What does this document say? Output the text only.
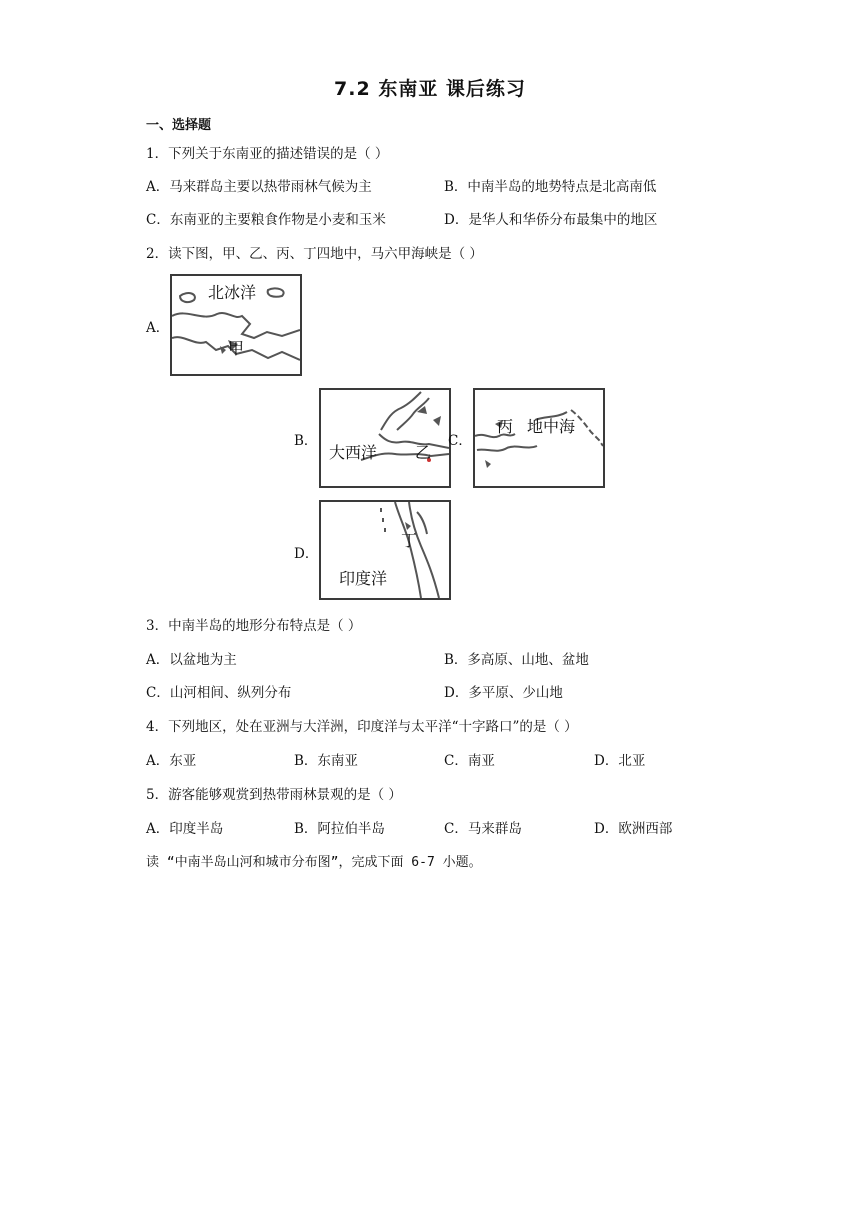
7.2 东南亚 课后练习
一、选择题
1．下列关于东南亚的描述错误的是（ ）
A．马来群岛主要以热带雨林气候为主	B．中南半岛的地势特点是北高南低
C．东南亚的主要粮食作物是小麦和玉米	D．是华人和华侨分布最集中的地区
2．读下图，甲、乙、丙、丁四地中，马六甲海峡是（ ）
A．
北冰洋
甲
B．
大西洋 乙
C．
丙 地中海
D．
丁
印度洋
3．中南半岛的地形分布特点是（ ）
A．以盆地为主	B．多高原、山地、盆地
C．山河相间、纵列分布	D．多平原、少山地
4．下列地区，处在亚洲与大洋洲，印度洋与太平洋“十字路口”的是（ ）
A．东亚	B．东南亚	C．南亚	D．北亚
5．游客能够观赏到热带雨林景观的是（ ）
A．印度半岛	B．阿拉伯半岛	C．马来群岛	D．欧洲西部
读 “中南半岛山河和城市分布图”，完成下面 6-7 小题。
